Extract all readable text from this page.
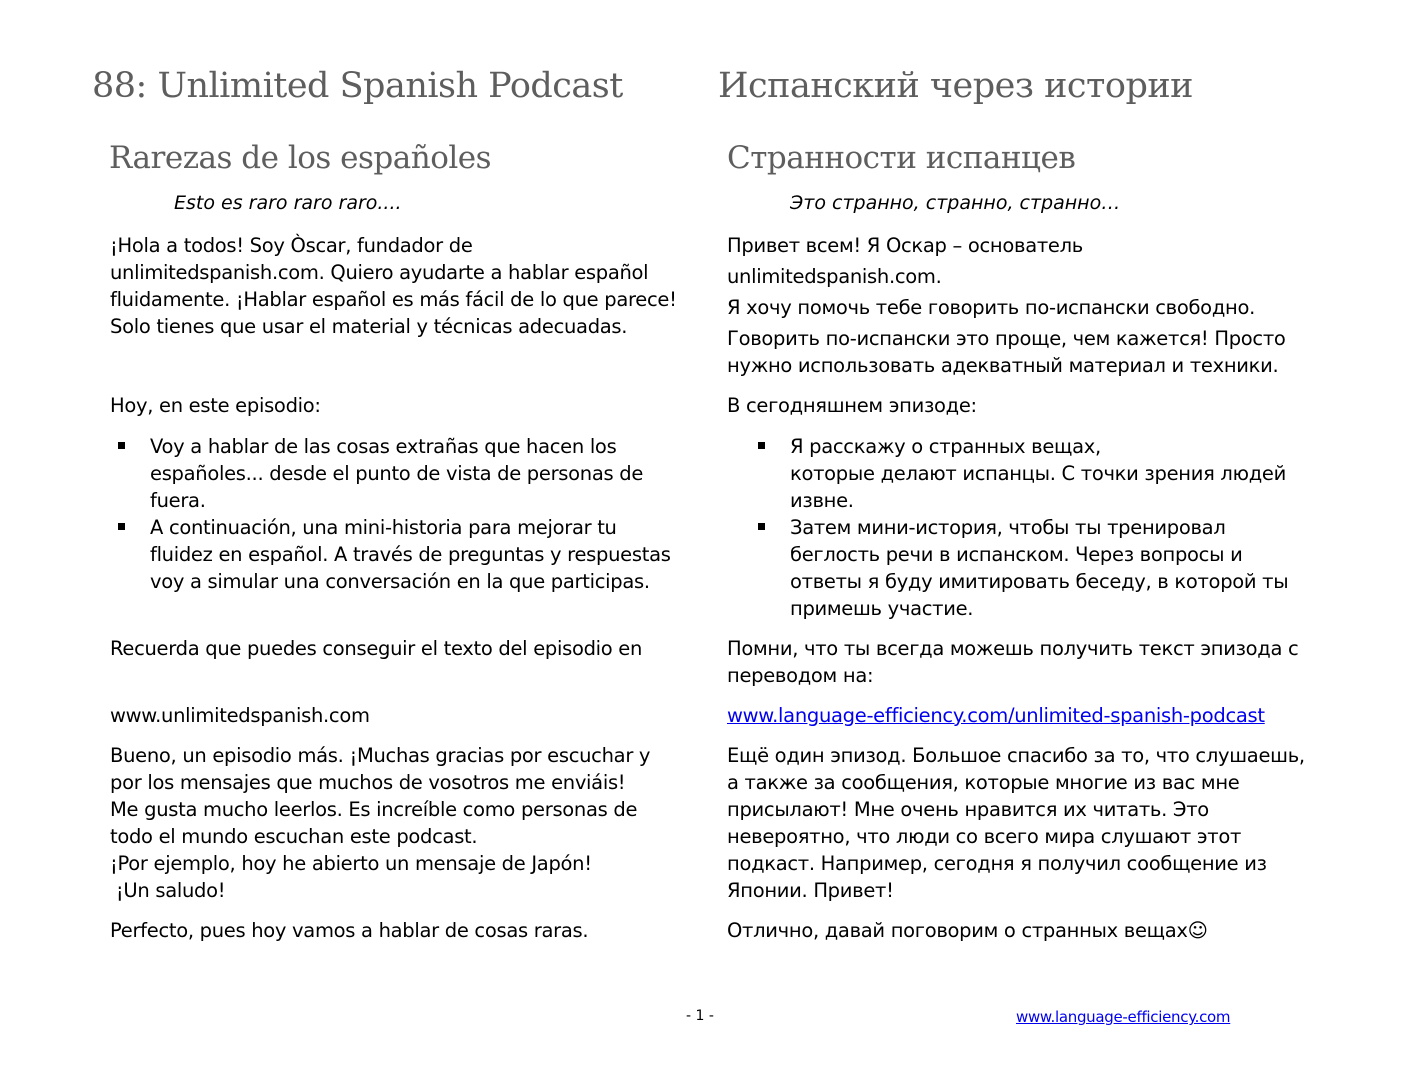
88: Unlimited Spanish Podcast
Rarezas de los españoles
Esto es raro raro raro....
¡Hola a todos! Soy Òscar, fundador de
unlimitedspanish.com. Quiero ayudarte a hablar español
fluidamente. ¡Hablar español es más fácil de lo que parece!
Solo tienes que usar el material y técnicas adecuadas.
Hoy, en este episodio:
Voy a hablar de las cosas extrañas que hacen los
españoles... desde el punto de vista de personas de
fuera.
A continuación, una mini-historia para mejorar tu
fluidez en español. A través de preguntas y respuestas
voy a simular una conversación en la que participas.
Recuerda que puedes conseguir el texto del episodio en
www.unlimitedspanish.com
Bueno, un episodio más. ¡Muchas gracias por escuchar y
por los mensajes que muchos de vosotros me enviáis!
Me gusta mucho leerlos. Es increíble como personas de
todo el mundo escuchan este podcast.
¡Por ejemplo, hoy he abierto un mensaje de Japón!
¡Un saludo!
Perfecto, pues hoy vamos a hablar de cosas raras.
Испанский через истории
Странности испанцев
Это странно, странно, странно…
Привет всем! Я Оскар – основатель
unlimitedspanish.com.
Я хочу помочь тебе говорить по-испански свободно.
Говорить по-испански это проще, чем кажется! Просто
нужно использовать адекватный материал и техники.
В сегодняшнем эпизоде:
Я расскажу о странных вещах,
которые делают испанцы. С точки зрения людей
извне.
Затем мини-история, чтобы ты тренировал
беглость речи в испанском. Через вопросы и
ответы я буду имитировать беседу, в которой ты
примешь участие.
Помни, что ты всегда можешь получить текст эпизода с
переводом на:
www.language-efficiency.com/unlimited-spanish-podcast
Ещё один эпизод. Большое спасибо за то, что слушаешь,
а также за сообщения, которые многие из вас мне
присылают! Мне очень нравится их читать. Это
невероятно, что люди со всего мира слушают этот
подкаст. Например, сегодня я получил сообщение из
Японии. Привет!
Отлично, давай поговорим о странных вещах☺
- 1 -	www.language-efficiency.com
